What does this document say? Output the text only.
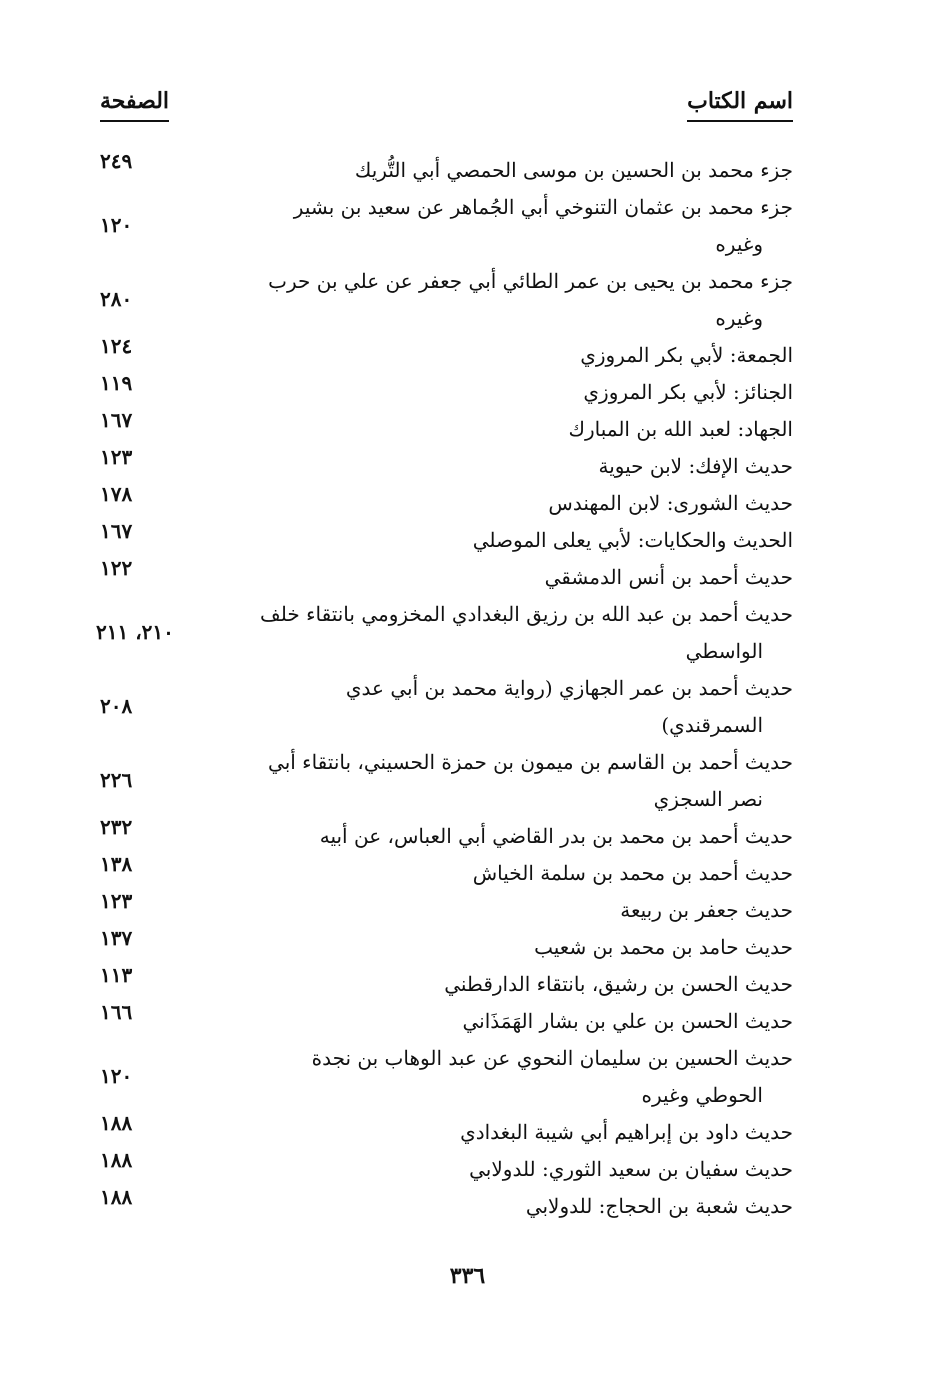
اسم الكتاب
الصفحة
جزء محمد بن الحسين بن موسى الحمصي أبي التُّريك
٢٤٩
جزء محمد بن عثمان التنوخي أبي الجُماهر عن سعيد بن بشير
وغيره
١٢٠
جزء محمد بن يحيى بن عمر الطائي أبي جعفر عن علي بن حرب
وغيره
٢٨٠
الجمعة: لأبي بكر المروزي
١٢٤
الجنائز: لأبي بكر المروزي
١١٩
الجهاد: لعبد الله بن المبارك
١٦٧
حديث الإفك: لابن حيوية
١٢٣
حديث الشورى: لابن المهندس
١٧٨
الحديث والحكايات: لأبي يعلى الموصلي
١٦٧
حديث أحمد بن أنس الدمشقي
١٢٢
حديث أحمد بن عبد الله بن رزيق البغدادي المخزومي بانتقاء خلف
الواسطي
٢١٠، ٢١١
حديث أحمد بن عمر الجهازي (رواية محمد بن أبي عدي
السمرقندي)
٢٠٨
حديث أحمد بن القاسم بن ميمون بن حمزة الحسيني، بانتقاء أبي
نصر السجزي
٢٢٦
حديث أحمد بن محمد بن بدر القاضي أبي العباس، عن أبيه
٢٣٢
حديث أحمد بن محمد بن سلمة الخياش
١٣٨
حديث جعفر بن ربيعة
١٢٣
حديث حامد بن محمد بن شعيب
١٣٧
حديث الحسن بن رشيق، بانتقاء الدارقطني
١١٣
حديث الحسن بن علي بن بشار الهَمَذَاني
١٦٦
حديث الحسين بن سليمان النحوي عن عبد الوهاب بن نجدة
الحوطي وغيره
١٢٠
حديث داود بن إبراهيم أبي شيبة البغدادي
١٨٨
حديث سفيان بن سعيد الثوري: للدولابي
١٨٨
حديث شعبة بن الحجاج: للدولابي
١٨٨
٣٣٦
